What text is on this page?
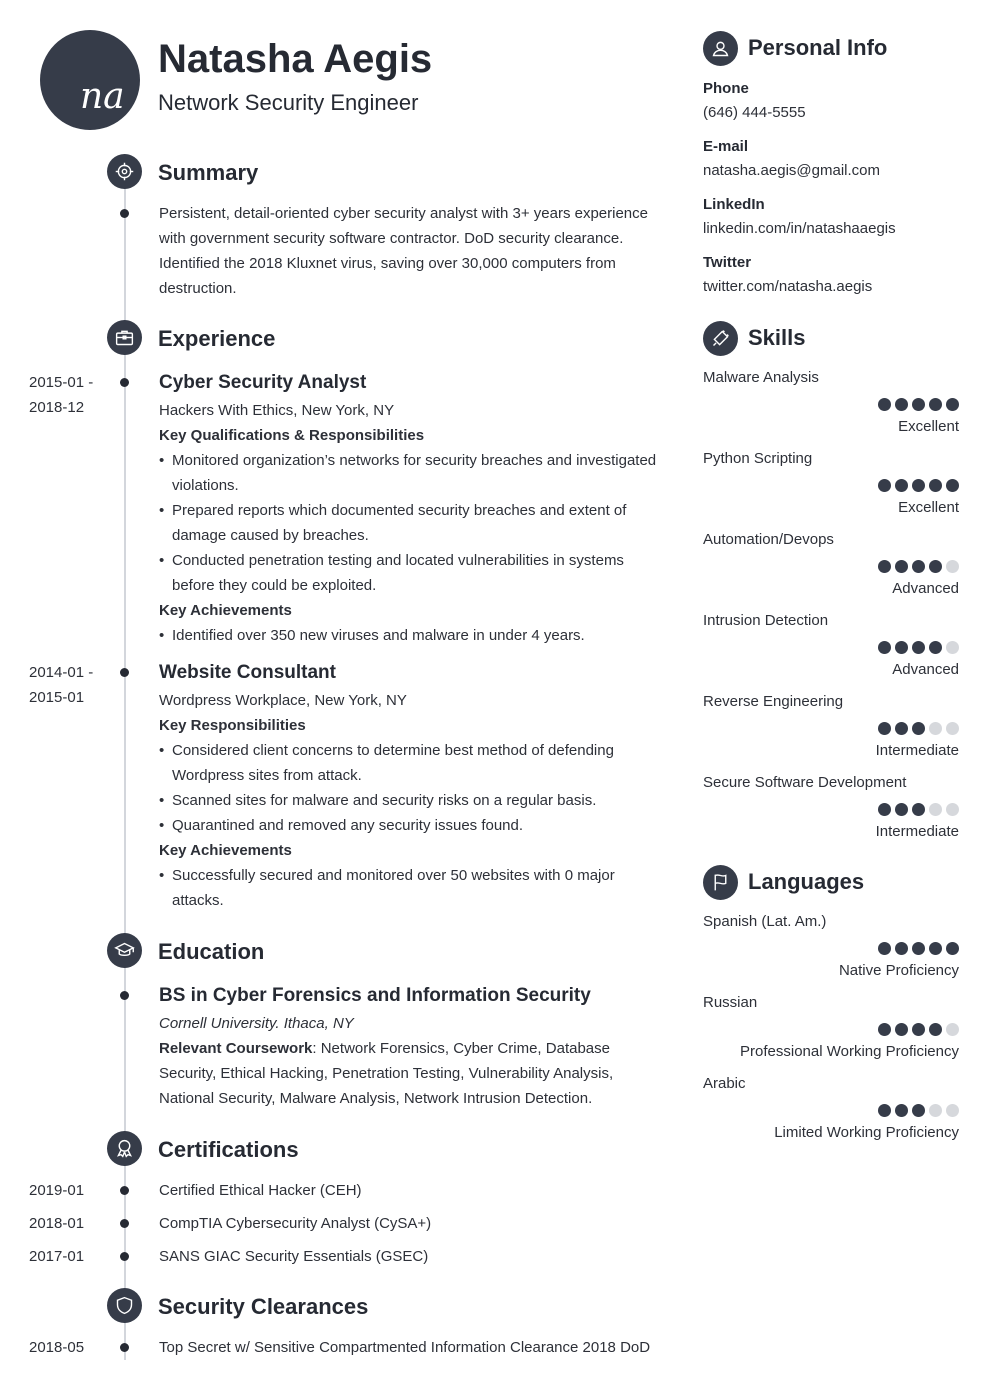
na
Natasha Aegis
Network Security Engineer
Summary
Persistent, detail-oriented cyber security analyst with 3+ years experience with government security software contractor. DoD security clearance. Identified the 2018 Kluxnet virus, saving over 30,000 computers from destruction.
Experience
2015-01 -
2018-12
Cyber Security Analyst
Hackers With Ethics, New York, NY
Key Qualifications & Responsibilities
• Monitored organization’s networks for security breaches and investigated violations.
• Prepared reports which documented security breaches and extent of damage caused by breaches.
• Conducted penetration testing and located vulnerabilities in systems before they could be exploited.
Key Achievements
• Identified over 350 new viruses and malware in under 4 years.
2014-01 -
2015-01
Website Consultant
Wordpress Workplace, New York, NY
Key Responsibilities
• Considered client concerns to determine best method of defending Wordpress sites from attack.
• Scanned sites for malware and security risks on a regular basis.
• Quarantined and removed any security issues found.
Key Achievements
• Successfully secured and monitored over 50 websites with 0 major attacks.
Education
BS in Cyber Forensics and Information Security
Cornell University. Ithaca, NY
Relevant Coursework: Network Forensics, Cyber Crime, Database Security, Ethical Hacking, Penetration Testing, Vulnerability Analysis, National Security, Malware Analysis, Network Intrusion Detection.
Certifications
2019-01	Certified Ethical Hacker (CEH)
2018-01	CompTIA Cybersecurity Analyst (CySA+)
2017-01	SANS GIAC Security Essentials (GSEC)
Security Clearances
2018-05	Top Secret w/ Sensitive Compartmented Information Clearance 2018 DoD
Personal Info
Phone
(646) 444-5555
E-mail
natasha.aegis@gmail.com
LinkedIn
linkedin.com/in/natashaaegis
Twitter
twitter.com/natasha.aegis
Skills
Malware Analysis
Excellent
Python Scripting
Excellent
Automation/Devops
Advanced
Intrusion Detection
Advanced
Reverse Engineering
Intermediate
Secure Software Development
Intermediate
Languages
Spanish (Lat. Am.)
Native Proficiency
Russian
Professional Working Proficiency
Arabic
Limited Working Proficiency
